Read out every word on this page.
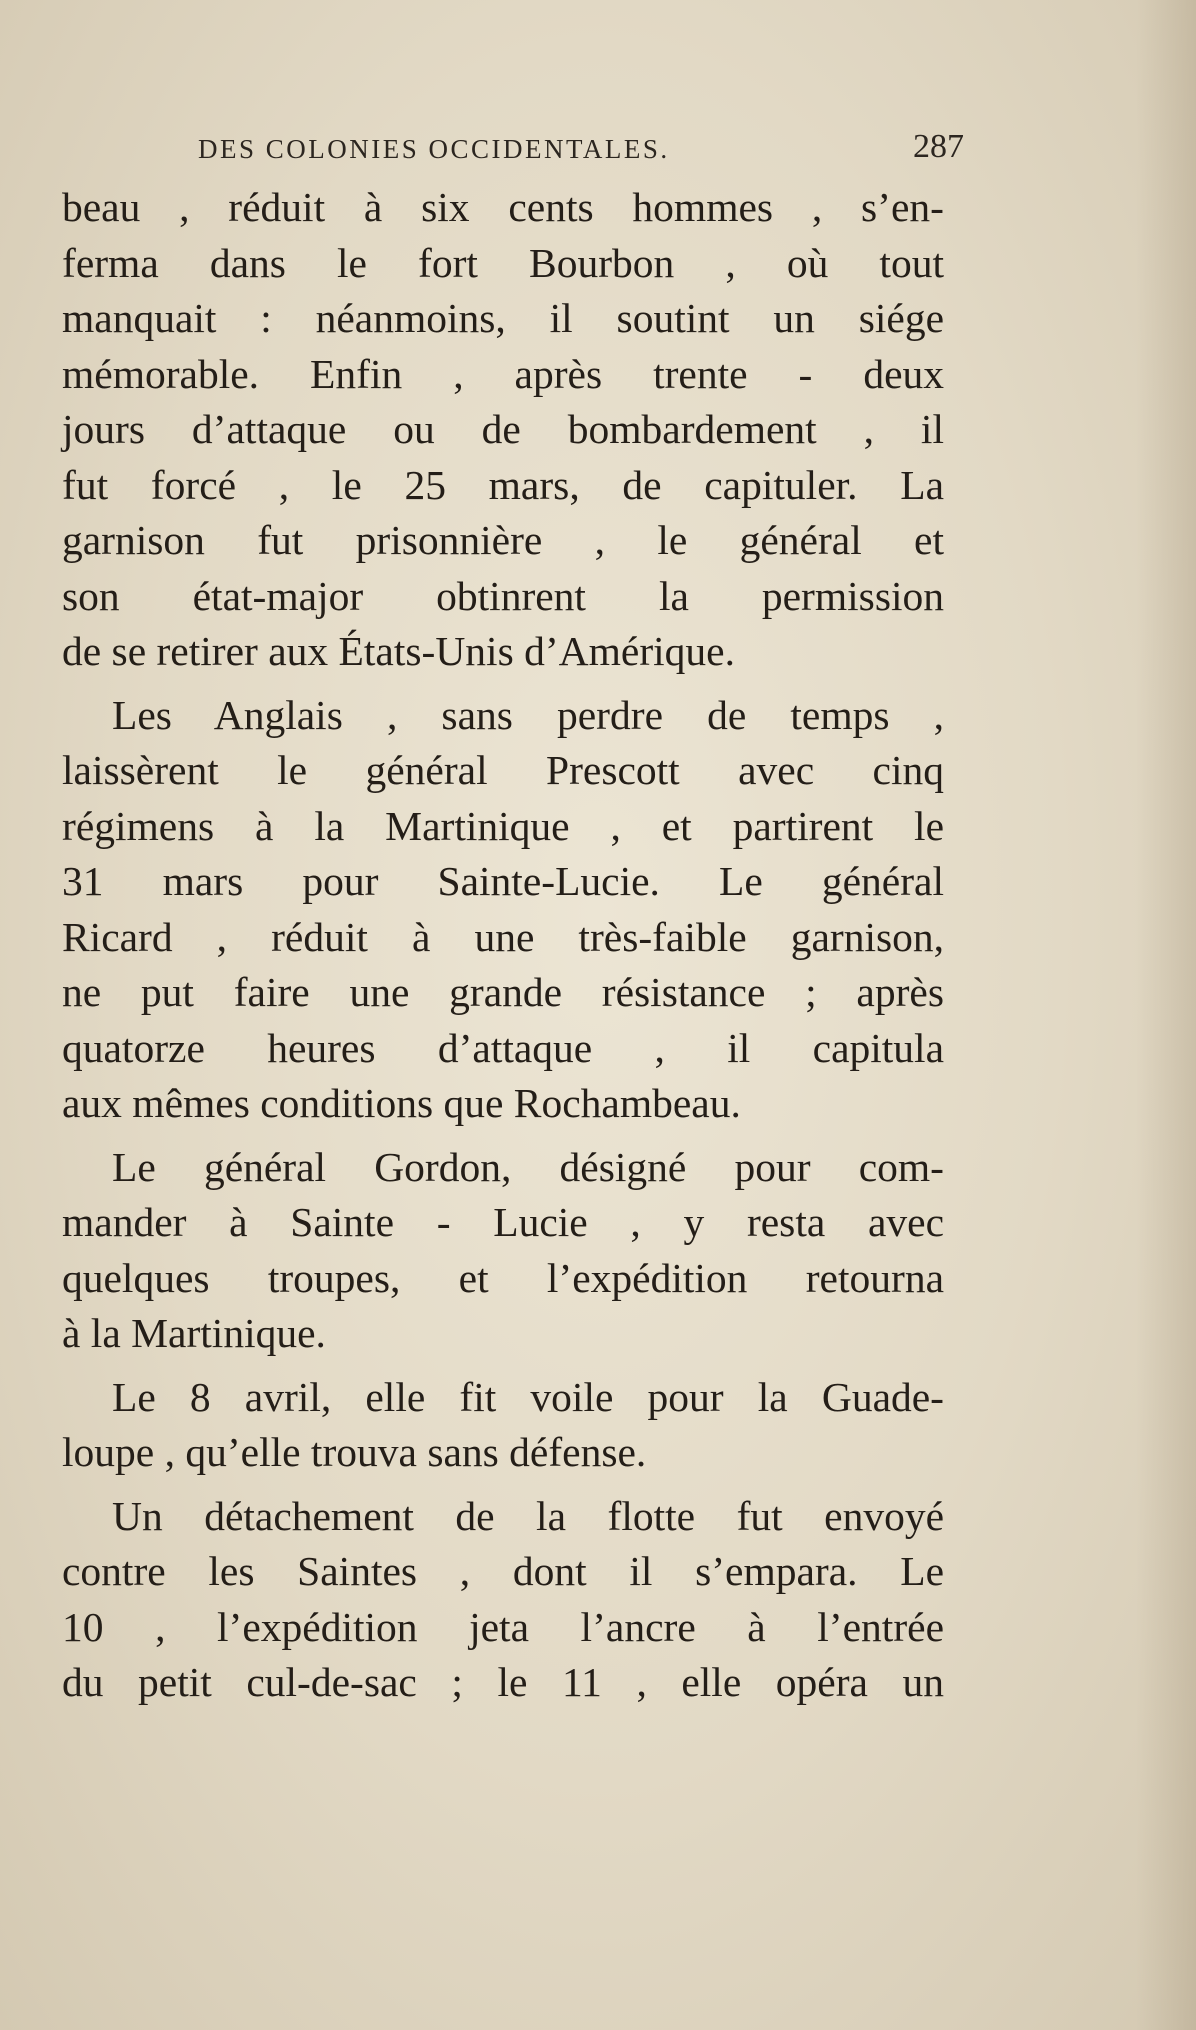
DES COLONIES OCCIDENTALES.	287
beau , réduit à six cents hommes , s’en-
ferma dans le fort Bourbon , où tout
manquait : néanmoins, il soutint un siége
mémorable. Enfin , après trente - deux
jours d’attaque ou de bombardement , il
fut forcé , le 25 mars, de capituler. La
garnison fut prisonnière , le général et
son état-major obtinrent la permission
de se retirer aux États-Unis d’Amérique.
Les Anglais , sans perdre de temps ,
laissèrent le général Prescott avec cinq
régimens à la Martinique , et partirent le
31 mars pour Sainte-Lucie. Le général
Ricard , réduit à une très-faible garnison,
ne put faire une grande résistance ; après
quatorze heures d’attaque , il capitula
aux mêmes conditions que Rochambeau.
Le général Gordon, désigné pour com-
mander à Sainte - Lucie , y resta avec
quelques troupes, et l’expédition retourna
à la Martinique.
Le 8 avril, elle fit voile pour la Guade-
loupe , qu’elle trouva sans défense.
Un détachement de la flotte fut envoyé
contre les Saintes , dont il s’empara. Le
10 , l’expédition jeta l’ancre à l’entrée
du petit cul-de-sac ; le 11 , elle opéra un
